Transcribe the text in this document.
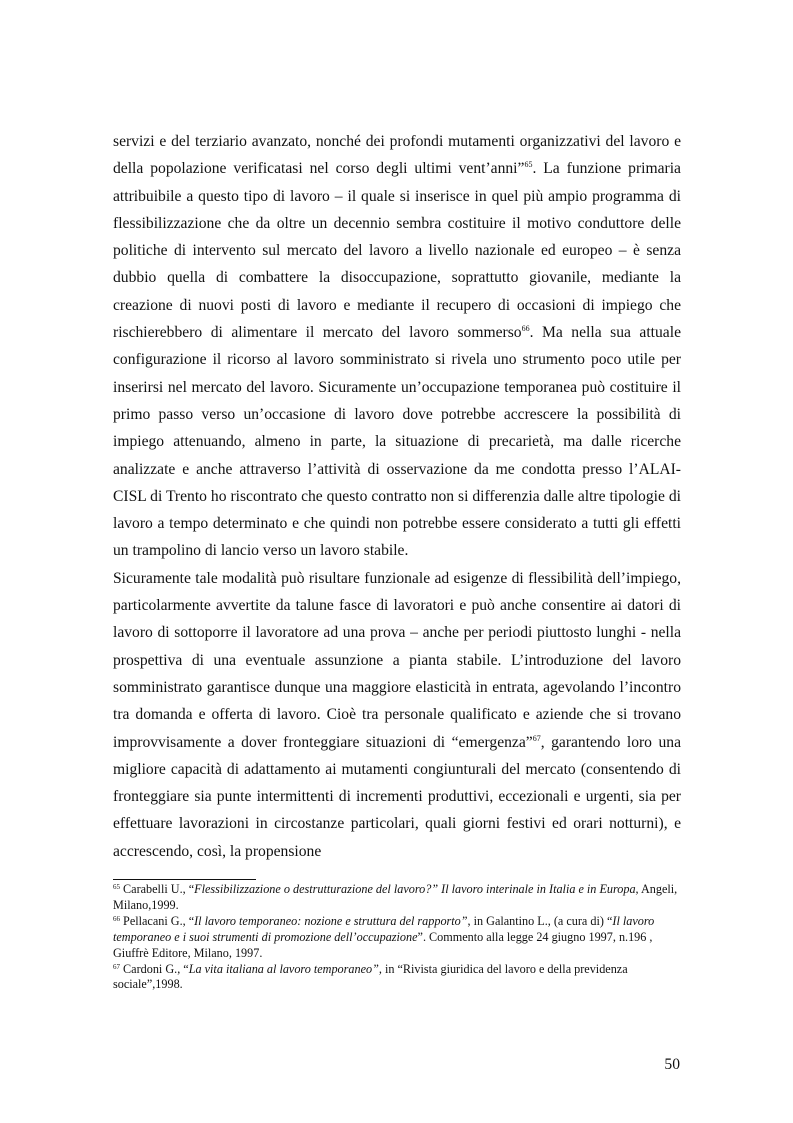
servizi e del terziario avanzato, nonché dei profondi mutamenti organizzativi del lavoro e della popolazione verificatasi nel corso degli ultimi vent’anni”$^{65}$. La funzione primaria attribuibile a questo tipo di lavoro – il quale si inserisce in quel più ampio programma di flessibilizzazione che da oltre un decennio sembra costituire il motivo conduttore delle politiche di intervento sul mercato del lavoro a livello nazionale ed europeo – è senza dubbio quella di combattere la disoccupazione, soprattutto giovanile, mediante la creazione di nuovi posti di lavoro e mediante il recupero di occasioni di impiego che rischierebbero di alimentare il mercato del lavoro sommerso$^{66}$. Ma nella sua attuale configurazione il ricorso al lavoro somministrato si rivela uno strumento poco utile per inserirsi nel mercato del lavoro. Sicuramente un’occupazione temporanea può costituire il primo passo verso un’occasione di lavoro dove potrebbe accrescere la possibilità di impiego attenuando, almeno in parte, la situazione di precarietà, ma dalle ricerche analizzate e anche attraverso l’attività di osservazione da me condotta presso l’ALAI-CISL di Trento ho riscontrato che questo contratto non si differenzia dalle altre tipologie di lavoro a tempo determinato e che quindi non potrebbe essere considerato a tutti gli effetti un trampolino di lancio verso un lavoro stabile.

Sicuramente tale modalità può risultare funzionale ad esigenze di flessibilità dell’impiego, particolarmente avvertite da talune fasce di lavoratori e può anche consentire ai datori di lavoro di sottoporre il lavoratore ad una prova – anche per periodi piuttosto lunghi - nella prospettiva di una eventuale assunzione a pianta stabile. L’introduzione del lavoro somministrato garantisce dunque una maggiore elasticità in entrata, agevolando l’incontro tra domanda e offerta di lavoro. Cioè tra personale qualificato e aziende che si trovano improvvisamente a dover fronteggiare situazioni di “emergenza”$^{67}$, garantendo loro una migliore capacità di adattamento ai mutamenti congiunturali del mercato (consentendo di fronteggiare sia punte intermittenti di incrementi produttivi, eccezionali e urgenti, sia per effettuare lavorazioni in circostanze particolari, quali giorni festivi ed orari notturni), e accrescendo, così, la propensione

$^{65}$ Carabelli U., “Flessibilizzazione o destrutturazione del lavoro?” Il lavoro interinale in Italia e in Europa, Angeli, Milano,1999.

$^{66}$ Pellacani G., “Il lavoro temporaneo: nozione e struttura del rapporto”, in Galantino L., (a cura di) “Il lavoro temporaneo e i suoi strumenti di promozione dell’occupazione”. Commento alla legge 24 giugno 1997, n.196 , Giuffrè Editore, Milano, 1997.

$^{67}$ Cardoni G., “La vita italiana al lavoro temporaneo”, in “Rivista giuridica del lavoro e della previdenza sociale”,1998.

50
